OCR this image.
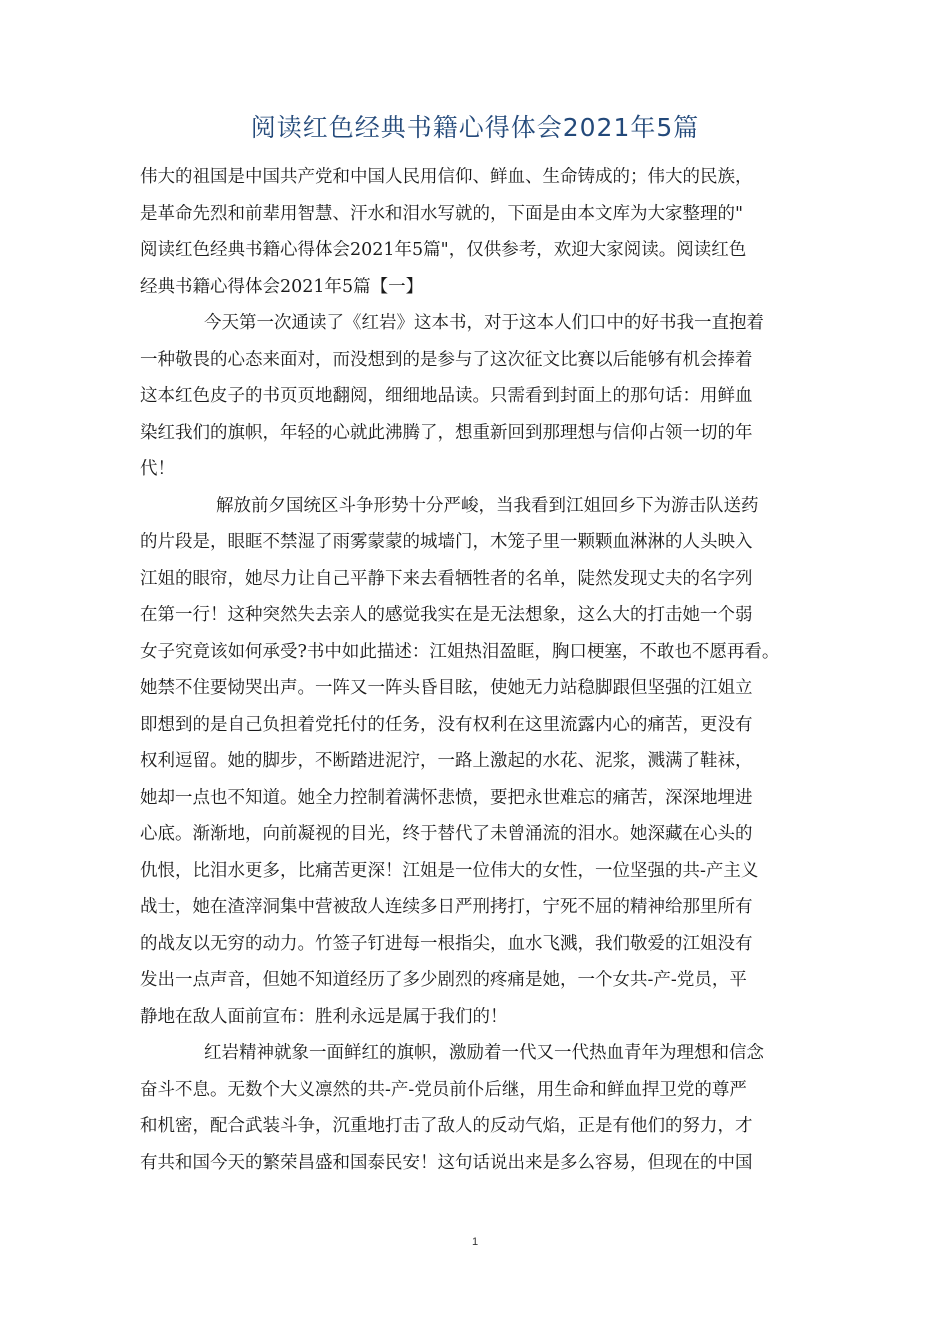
阅读红色经典书籍心得体会2021年5篇
伟大的祖国是中国共产党和中国人民用信仰、鲜血、生命铸成的；伟大的民族，
是革命先烈和前辈用智慧、汗水和泪水写就的，下面是由本文库为大家整理的"
阅读红色经典书籍心得体会2021年5篇"，仅供参考，欢迎大家阅读。阅读红色
经典书籍心得体会2021年5篇【一】
今天第一次通读了《红岩》这本书，对于这本人们口中的好书我一直抱着
一种敬畏的心态来面对，而没想到的是参与了这次征文比赛以后能够有机会捧着
这本红色皮子的书页页地翻阅，细细地品读。只需看到封面上的那句话：用鲜血
染红我们的旗帜，年轻的心就此沸腾了，想重新回到那理想与信仰占领一切的年
代！
解放前夕国统区斗争形势十分严峻，当我看到江姐回乡下为游击队送药
的片段是，眼眶不禁湿了雨雾蒙蒙的城墙门，木笼子里一颗颗血淋淋的人头映入
江姐的眼帘，她尽力让自己平静下来去看牺牲者的名单，陡然发现丈夫的名字列
在第一行！这种突然失去亲人的感觉我实在是无法想象，这么大的打击她一个弱
女子究竟该如何承受?书中如此描述：江姐热泪盈眶，胸口梗塞，不敢也不愿再看。
她禁不住要恸哭出声。一阵又一阵头昏目眩，使她无力站稳脚跟但坚强的江姐立
即想到的是自己负担着党托付的任务，没有权利在这里流露内心的痛苦，更没有
权利逗留。她的脚步，不断踏进泥泞，一路上激起的水花、泥浆，溅满了鞋袜，
她却一点也不知道。她全力控制着满怀悲愤，要把永世难忘的痛苦，深深地埋进
心底。渐渐地，向前凝视的目光，终于替代了未曾涌流的泪水。她深藏在心头的
仇恨，比泪水更多，比痛苦更深！江姐是一位伟大的女性，一位坚强的共-产主义
战士，她在渣滓洞集中营被敌人连续多日严刑拷打，宁死不屈的精神给那里所有
的战友以无穷的动力。竹签子钉进每一根指尖，血水飞溅，我们敬爱的江姐没有
发出一点声音，但她不知道经历了多少剧烈的疼痛是她，一个女共-产-党员，平
静地在敌人面前宣布：胜利永远是属于我们的！
红岩精神就象一面鲜红的旗帜，激励着一代又一代热血青年为理想和信念
奋斗不息。无数个大义凛然的共-产-党员前仆后继，用生命和鲜血捍卫党的尊严
和机密，配合武装斗争，沉重地打击了敌人的反动气焰，正是有他们的努力，才
有共和国今天的繁荣昌盛和国泰民安！这句话说出来是多么容易，但现在的中国
1
